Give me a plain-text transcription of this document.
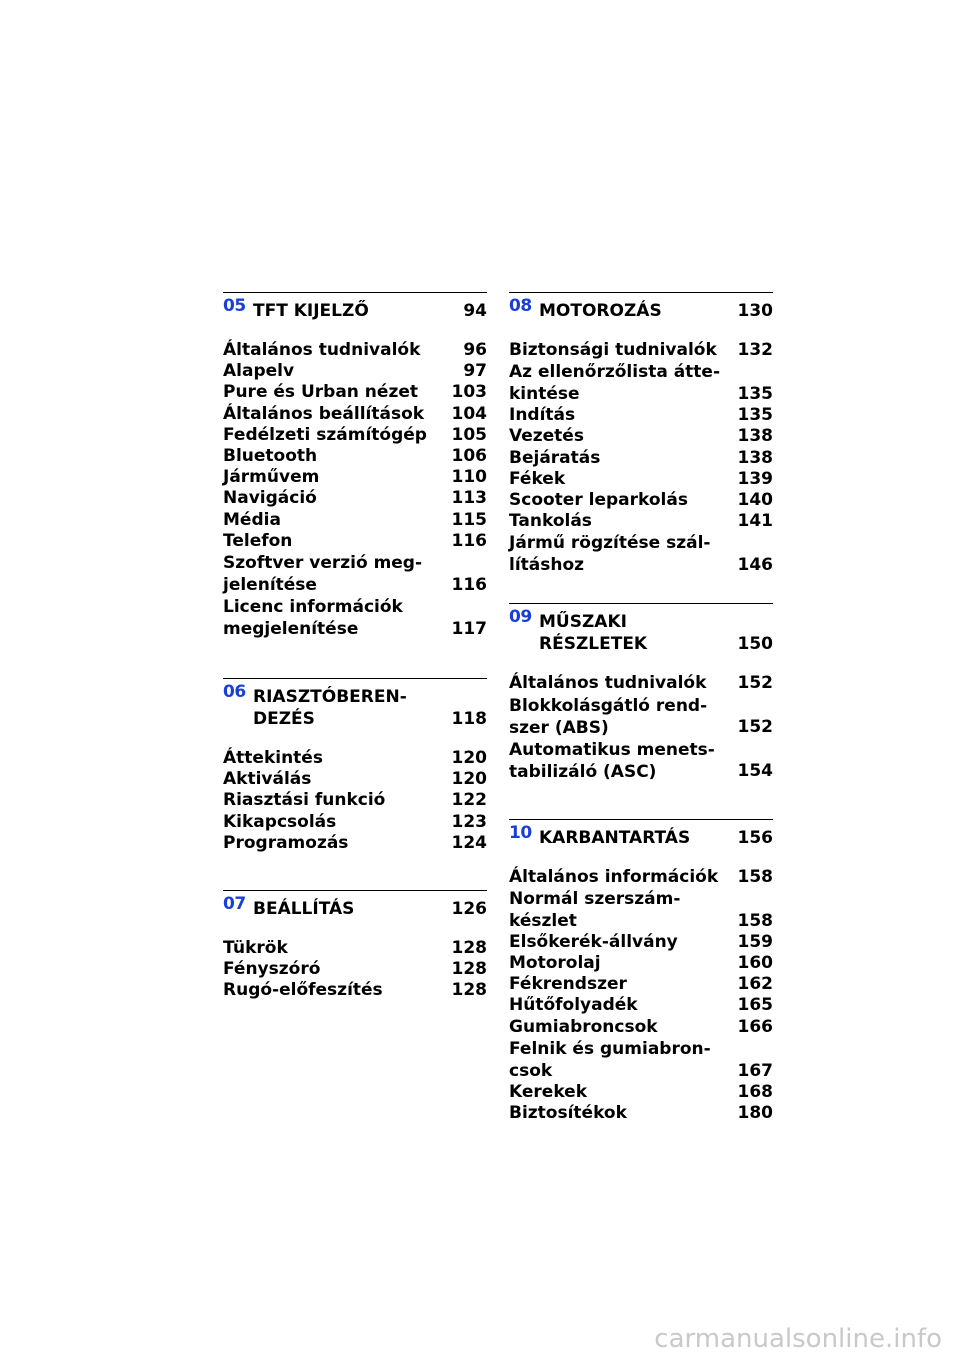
05 TFT KIJELZŐ	94
Általános tudnivalók	96
Alapelv	97
Pure és Urban nézet	103
Általános beállítások	104
Fedélzeti számítógép	105
Bluetooth	106
Járművem	110
Navigáció	113
Média	115
Telefon	116
Szoftver verzió meg-
jelenítése	116
Licenc információk
megjelenítése	117
06 RIASZTÓBEREN-
DEZÉS	118
Áttekintés	120
Aktiválás	120
Riasztási funkció	122
Kikapcsolás	123
Programozás	124
07 BEÁLLÍTÁS	126
Tükrök	128
Fényszóró	128
Rugó-előfeszítés	128
08 MOTOROZÁS	130
Biztonsági tudnivalók	132
Az ellenőrzőlista átte-
kintése	135
Indítás	135
Vezetés	138
Bejáratás	138
Fékek	139
Scooter leparkolás	140
Tankolás	141
Jármű rögzítése szál-
lításhoz	146
09 MŰSZAKI
RÉSZLETEK	150
Általános tudnivalók	152
Blokkolásgátló rend-
szer (ABS)	152
Automatikus menets-
tabilizáló (ASC)	154
10 KARBANTARTÁS	156
Általános információk	158
Normál szerszám-
készlet	158
Elsőkerék-állvány	159
Motorolaj	160
Fékrendszer	162
Hűtőfolyadék	165
Gumiabroncsok	166
Felnik és gumiabron-
csok	167
Kerekek	168
Biztosítékok	180
carmanualsonline.info
